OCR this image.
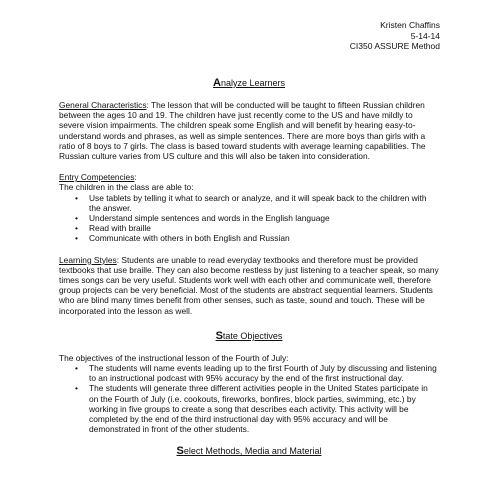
Kristen Chaffins
5-14-14
CI350 ASSURE Method
Analyze Learners

General Characteristics: The lesson that will be conducted will be taught to fifteen Russian children between the ages 10 and 19. The children have just recently come to the US and have mildly to severe vision impairments. The children speak some English and will benefit by hearing easy-to-understand words and phrases, as well as simple sentences. There are more boys than girls with a ratio of 8 boys to 7 girls. The class is based toward students with average learning capabilities. The Russian culture varies from US culture and this will also be taken into consideration.

Entry Competencies:

The children in the class are able to:

• Use tablets by telling it what to search or analyze, and it will speak back to the children with the answer.
• Understand simple sentences and words in the English language
• Read with braille
• Communicate with others in both English and Russian

Learning Styles: Students are unable to read everyday textbooks and therefore must be provided textbooks that use braille. They can also become restless by just listening to a teacher speak, so many times songs can be very useful. Students work well with each other and communicate well, therefore group projects can be very beneficial. Most of the students are abstract sequential learners. Students who are blind many times benefit from other senses, such as taste, sound and touch. These will be incorporated into the lesson as well.

State Objectives

The objectives of the instructional lesson of the Fourth of July:

• The students will name events leading up to the first Fourth of July by discussing and listening to an instructional podcast with 95% accuracy by the end of the first instructional day.
• The students will generate three different activities people in the United States participate in on the Fourth of July (i.e. cookouts, fireworks, bonfires, block parties, swimming, etc.) by working in five groups to create a song that describes each activity. This activity will be completed by the end of the third instructional day with 95% accuracy and will be demonstrated in front of the other students.
Select Methods, Media and Material
